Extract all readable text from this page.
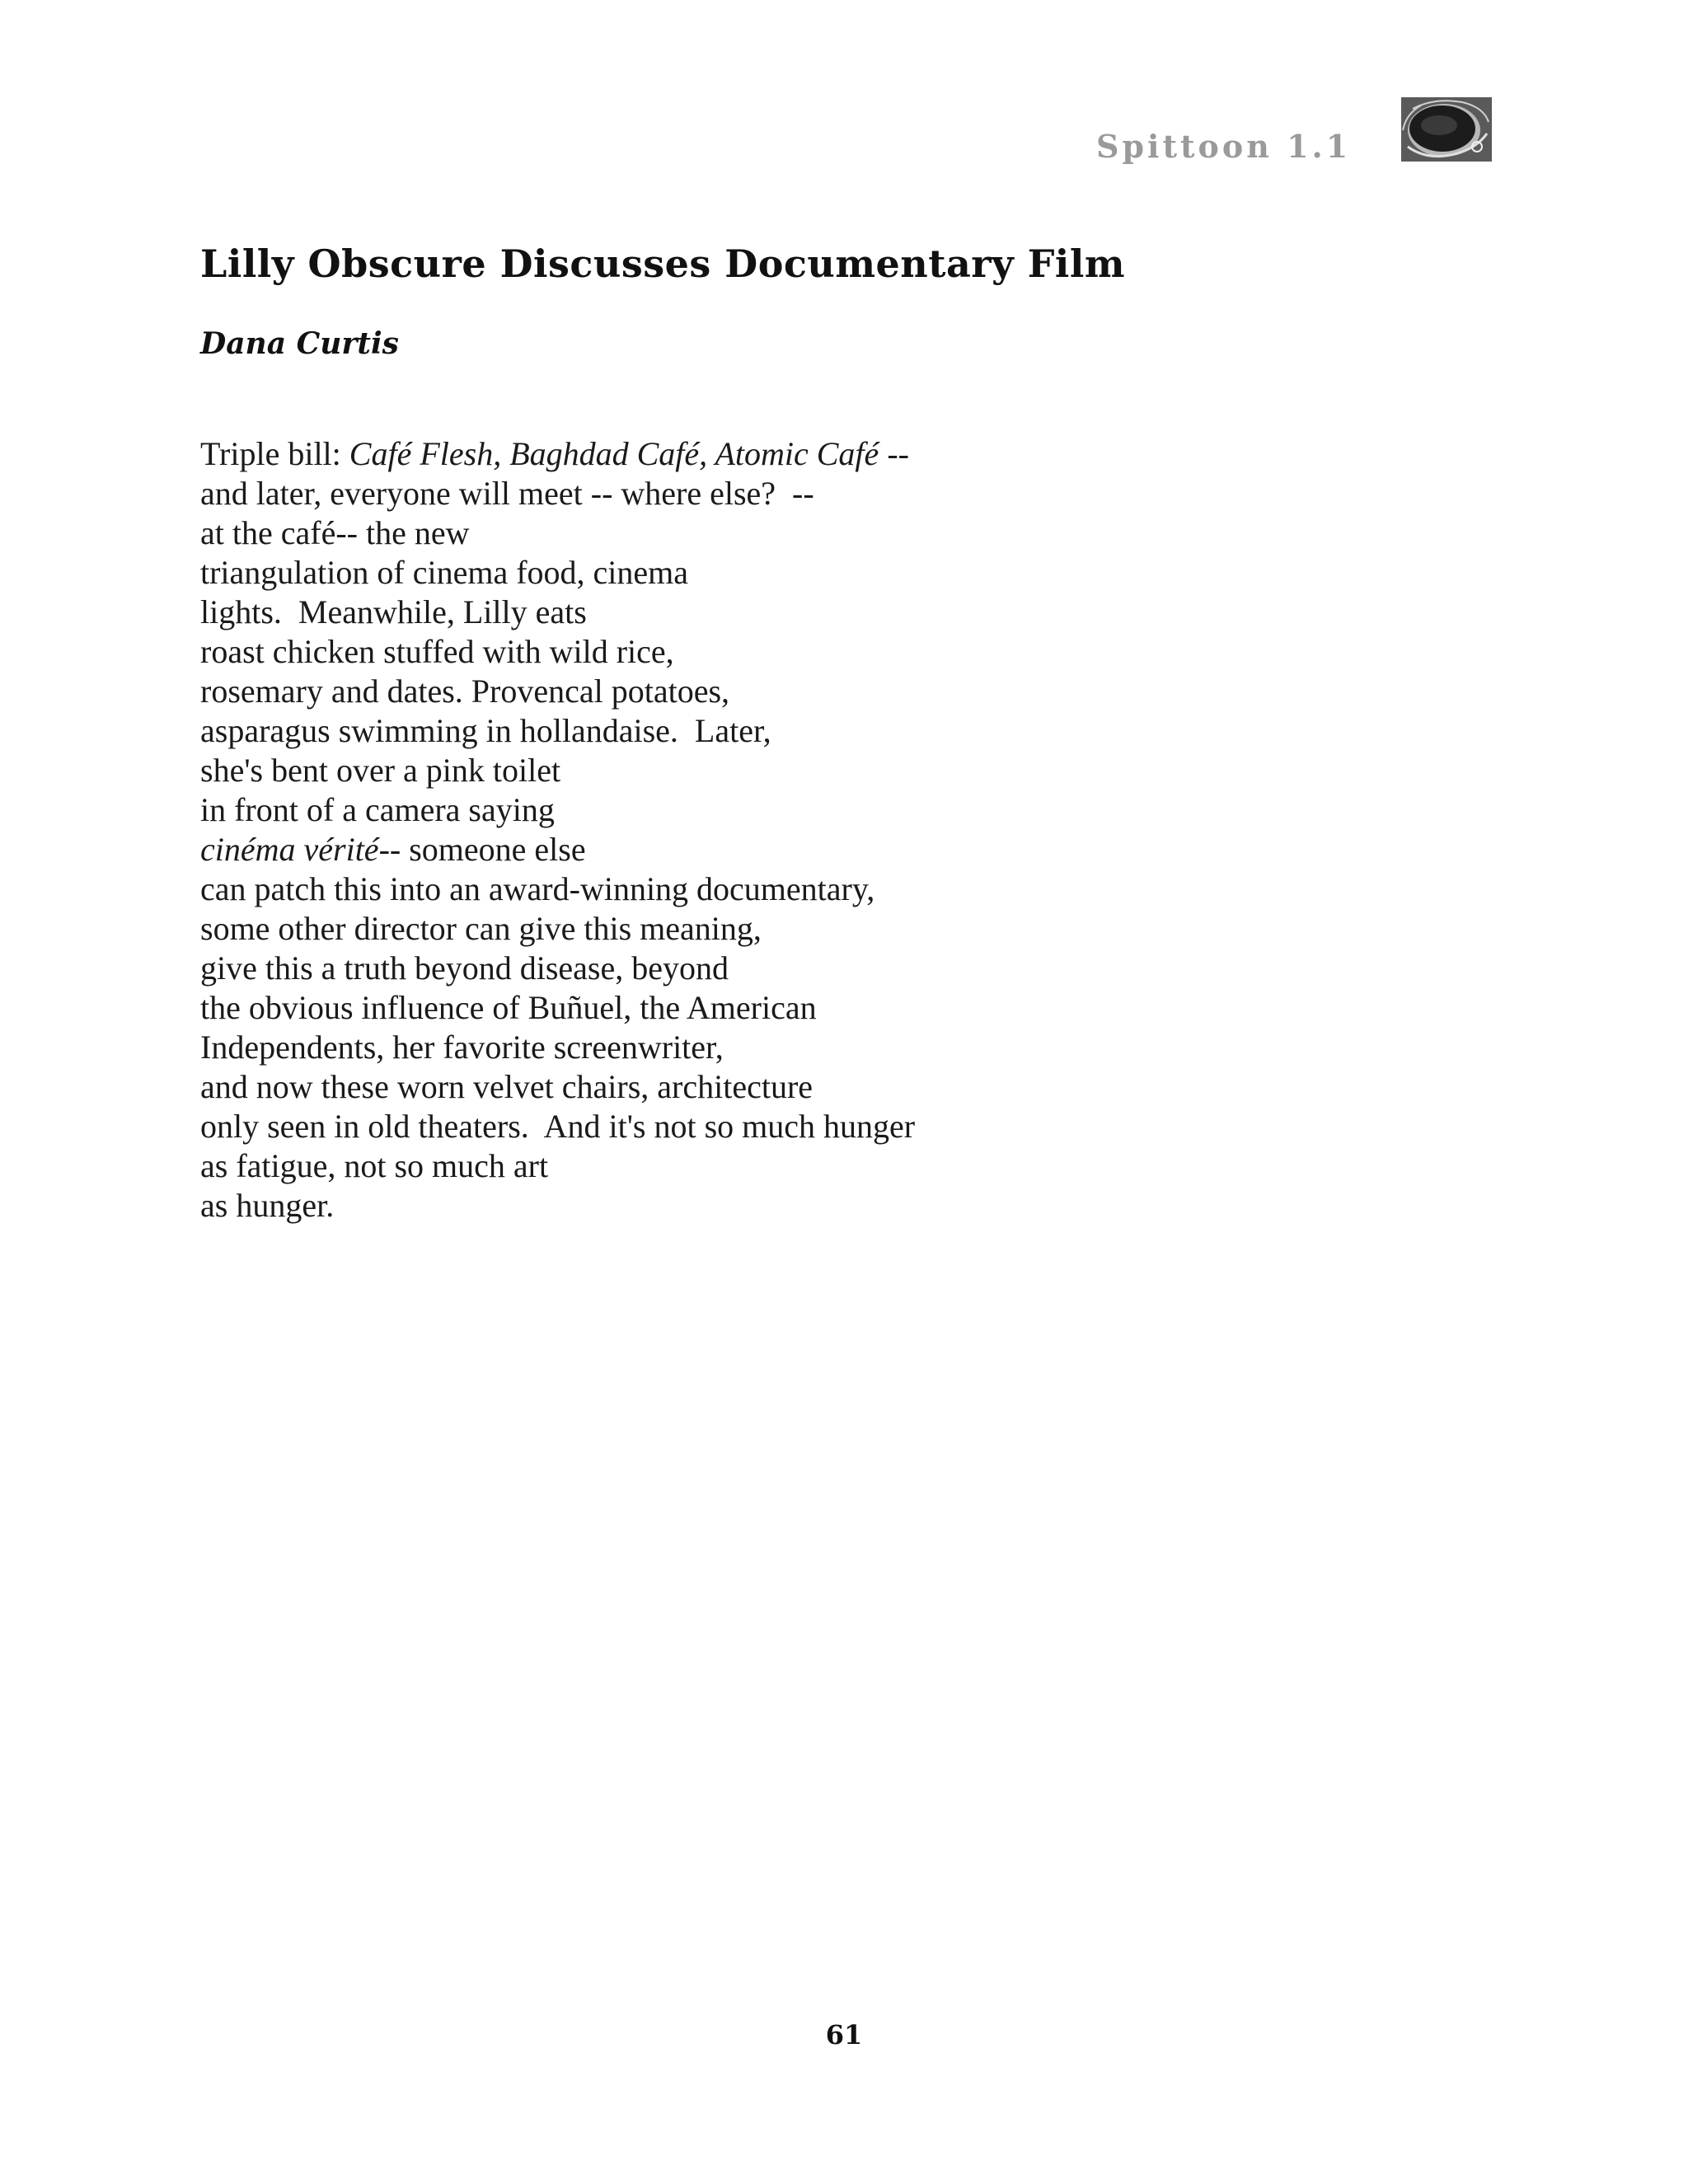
Spittoon 1.1
Lilly Obscure Discusses Documentary Film
Dana Curtis
Triple bill: Café Flesh, Baghdad Café, Atomic Café --
and later, everyone will meet -- where else?  --
at the café-- the new
triangulation of cinema food, cinema
lights.  Meanwhile, Lilly eats
roast chicken stuffed with wild rice,
rosemary and dates. Provencal potatoes,
asparagus swimming in hollandaise.  Later,
she's bent over a pink toilet
in front of a camera saying
cinéma vérité-- someone else
can patch this into an award-winning documentary,
some other director can give this meaning,
give this a truth beyond disease, beyond
the obvious influence of Buñuel, the American
Independents, her favorite screenwriter,
and now these worn velvet chairs, architecture
only seen in old theaters.  And it's not so much hunger
as fatigue, not so much art
as hunger.
61
